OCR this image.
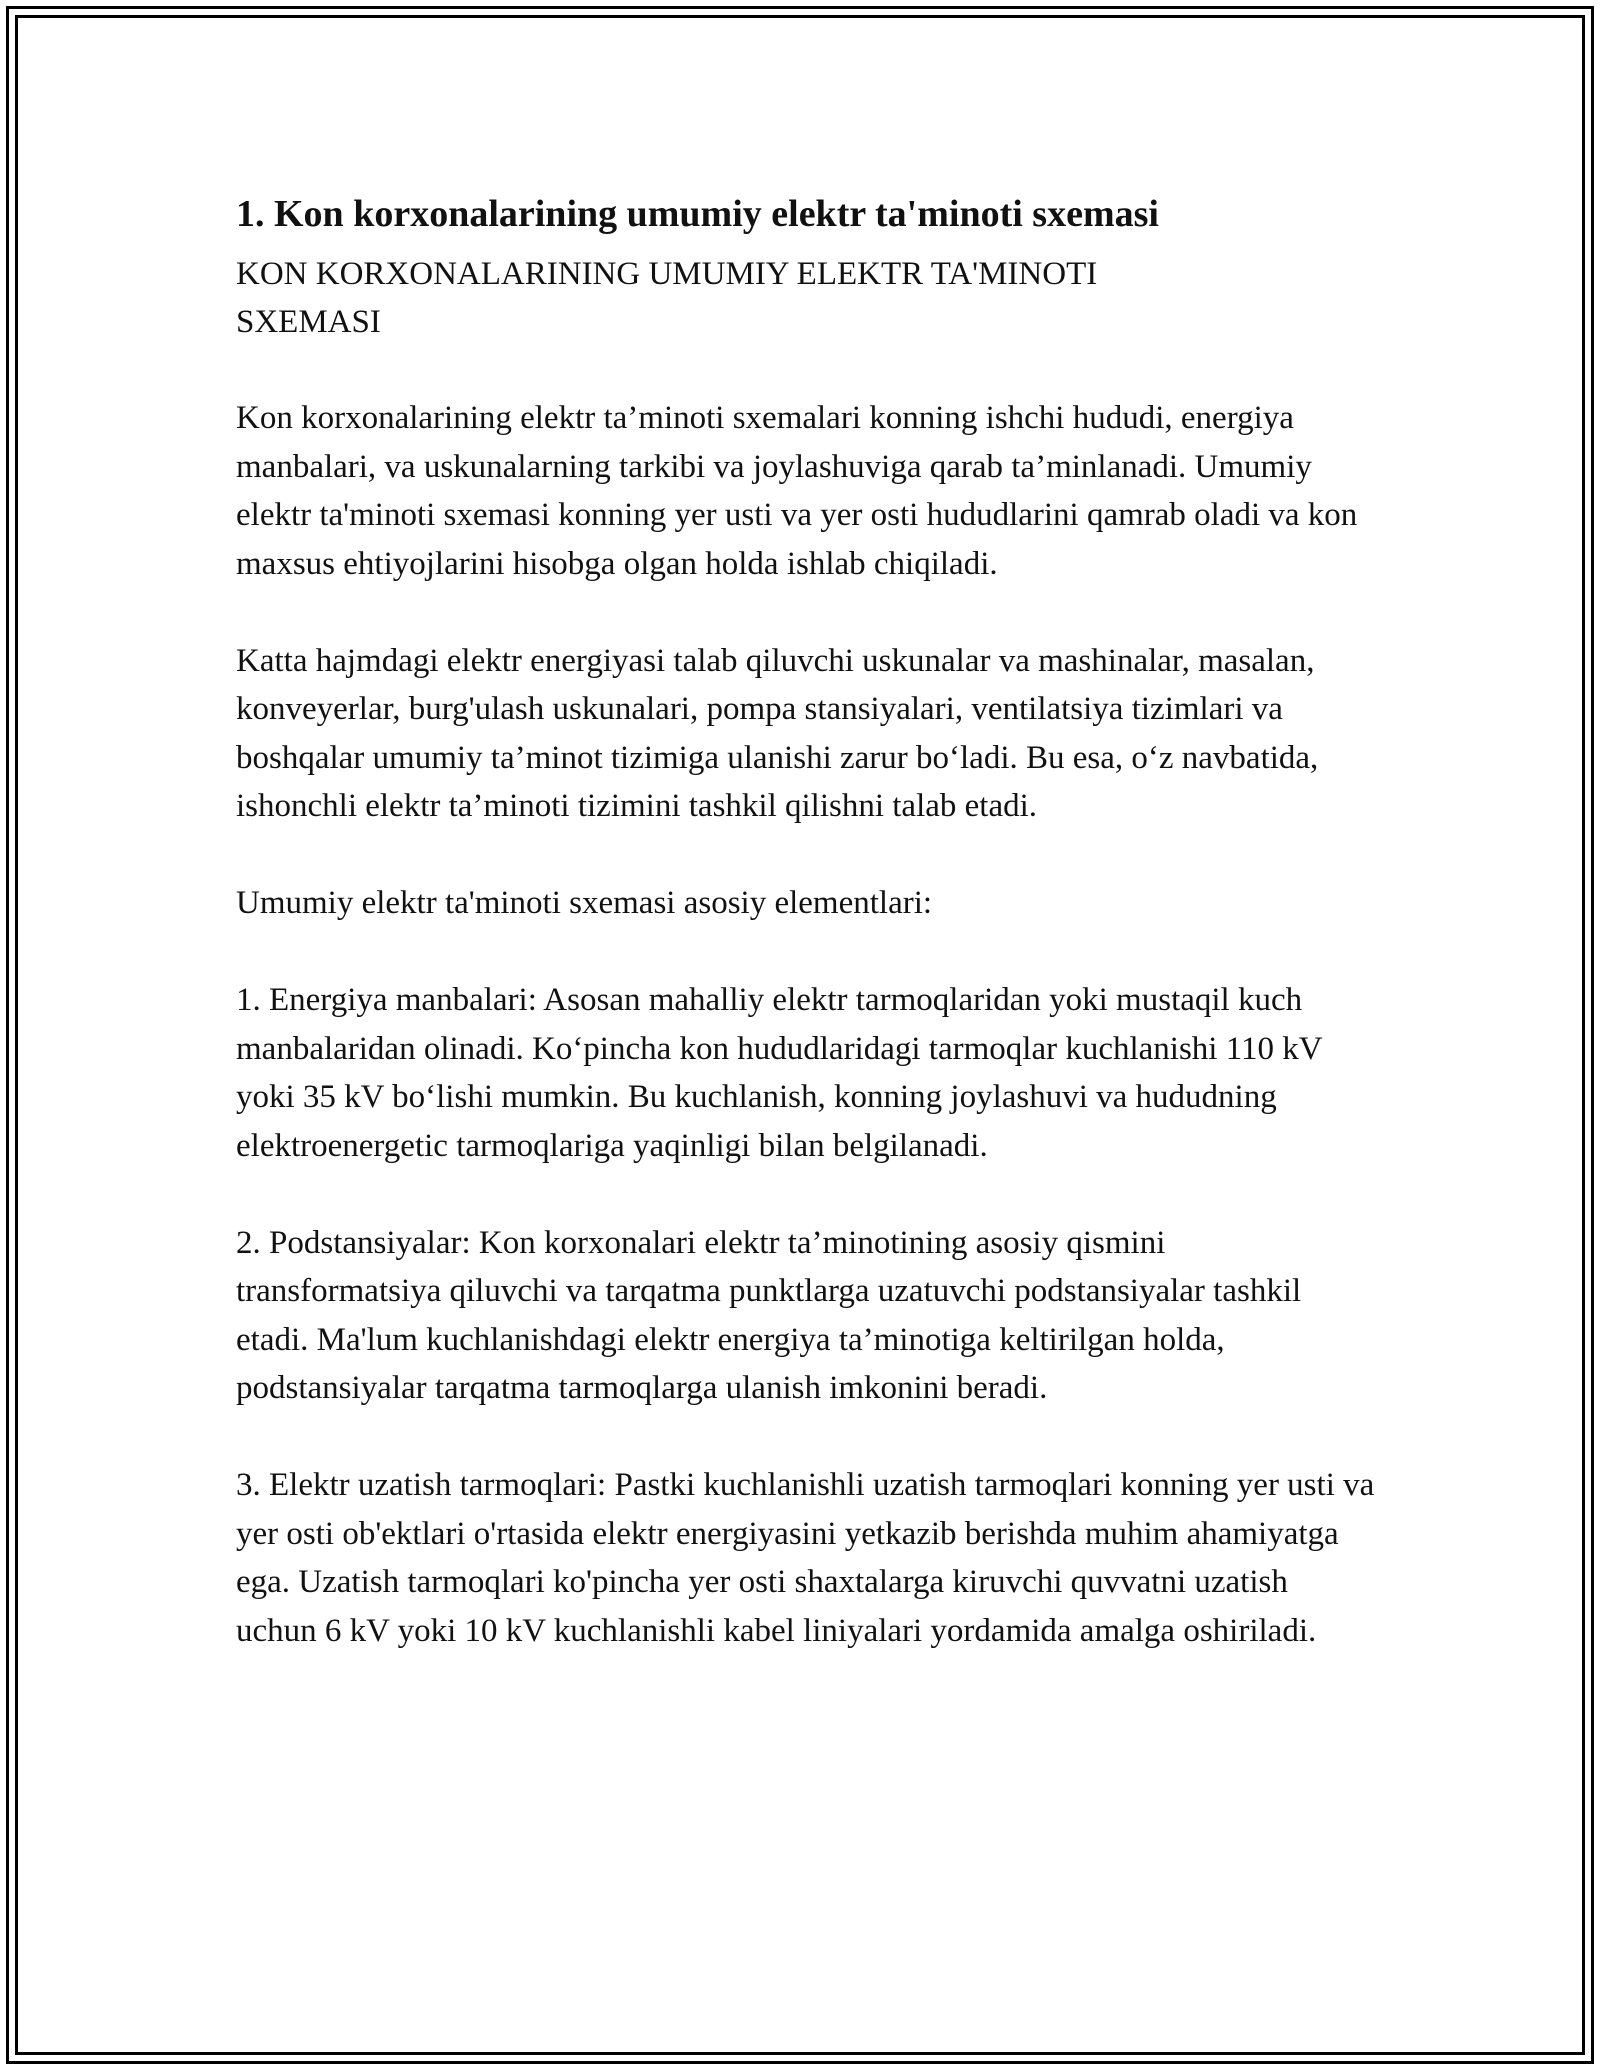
1. Kon korxonalarining umumiy elektr ta'minoti sxemasi
KON KORXONALARINING UMUMIY ELEKTR TA'MINOTI SXEMASI

Kon korxonalarining elektr ta’minoti sxemalari konning ishchi hududi, energiya manbalari, va uskunalarning tarkibi va joylashuviga qarab ta’minlanadi. Umumiy elektr ta'minoti sxemasi konning yer usti va yer osti hududlarini qamrab oladi va kon maxsus ehtiyojlarini hisobga olgan holda ishlab chiqiladi.

Katta hajmdagi elektr energiyasi talab qiluvchi uskunalar va mashinalar, masalan, konveyerlar, burg'ulash uskunalari, pompa stansiyalari, ventilatsiya tizimlari va boshqalar umumiy ta’minot tizimiga ulanishi zarur bo‘ladi. Bu esa, o‘z navbatida, ishonchli elektr ta’minoti tizimini tashkil qilishni talab etadi.

Umumiy elektr ta'minoti sxemasi asosiy elementlari:

1. Energiya manbalari: Asosan mahalliy elektr tarmoqlaridan yoki mustaqil kuch manbalaridan olinadi. Ko‘pincha kon hududlaridagi tarmoqlar kuchlanishi 110 kV yoki 35 kV bo‘lishi mumkin. Bu kuchlanish, konning joylashuvi va hududning elektroenergetic tarmoqlariga yaqinligi bilan belgilanadi.

2. Podstansiyalar: Kon korxonalari elektr ta’minotining asosiy qismini transformatsiya qiluvchi va tarqatma punktlarga uzatuvchi podstansiyalar tashkil etadi. Ma'lum kuchlanishdagi elektr energiya ta’minotiga keltirilgan holda, podstansiyalar tarqatma tarmoqlarga ulanish imkonini beradi.

3. Elektr uzatish tarmoqlari: Pastki kuchlanishli uzatish tarmoqlari konning yer usti va yer osti ob'ektlari o'rtasida elektr energiyasini yetkazib berishda muhim ahamiyatga ega. Uzatish tarmoqlari ko'pincha yer osti shaxtalarga kiruvchi quvvatni uzatish uchun 6 kV yoki 10 kV kuchlanishli kabel liniyalari yordamida amalga oshiriladi.
